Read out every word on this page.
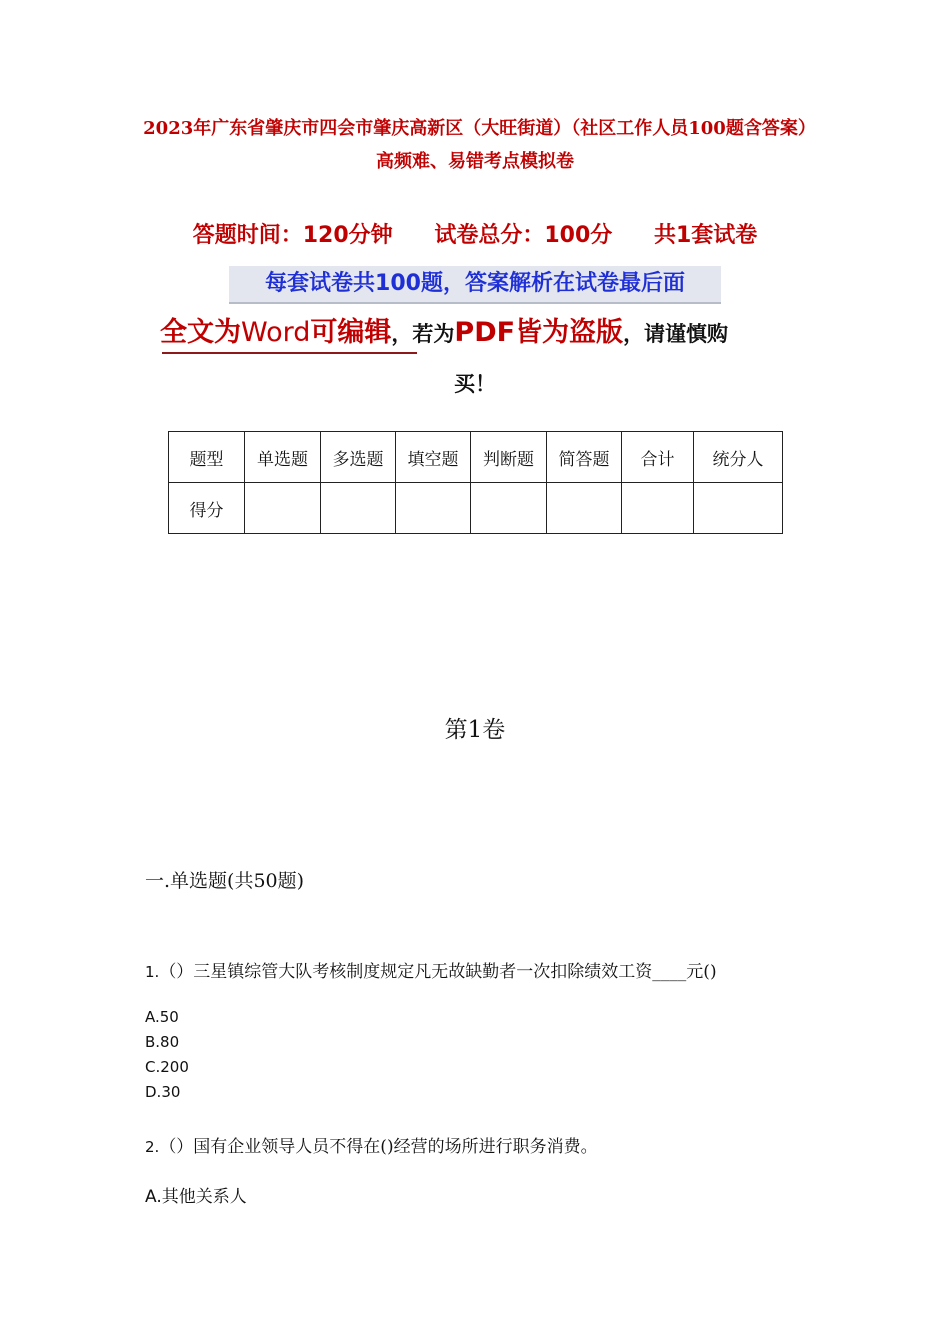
2023年广东省肇庆市四会市肇庆高新区（大旺街道）（社区工作人员100题含答案）高频难、易错考点模拟卷
答题时间：120分钟 试卷总分：100分 共1套试卷
每套试卷共100题，答案解析在试卷最后面
全文为Word可编辑，若为PDF皆为盗版，请谨慎购
买！
题型	单选题	多选题	填空题	判断题	简答题	合计	统分人
得分							
第1卷
一.单选题(共50题)
1.（）三星镇综管大队考核制度规定凡无故缺勤者一次扣除绩效工资____元()
A.50
B.80
C.200
D.30
2.（）国有企业领导人员不得在()经营的场所进行职务消费。
A.其他关系人
